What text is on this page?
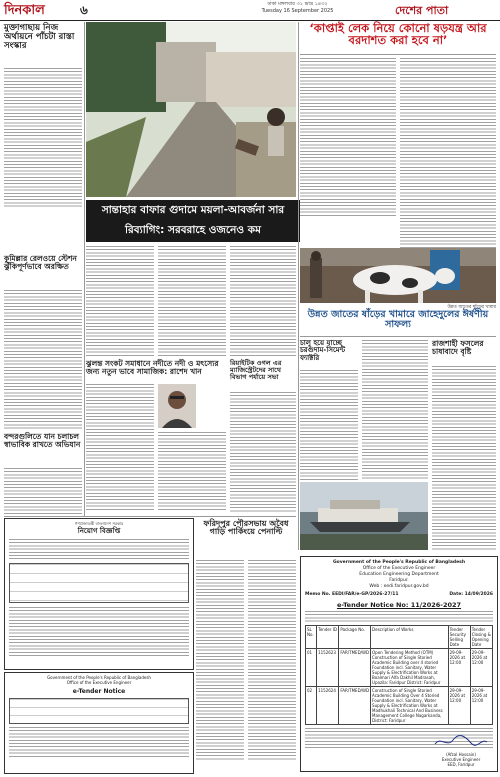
দিনকাল	৬	ঢাকা মঙ্গলবার ৩১ ভাদ্র ১৪৩২
Tuesday 16 September 2025	দেশের পাতা
মুক্তাগাছায় নিজ অর্থায়নে পাঁচটা রাস্তা সংস্কার
‘কাপ্তাই লেক নিয়ে কোনো ষড়যন্ত্র আর বরদাশত করা হবে না’
সান্তাহার বাফার গুদামে ময়লা-আবর্জনা সার রিব্যাগিং: সরবরাহে ওজনেও কম
কুমিল্লার রেলওয়ে স্টেশন ঝুঁকিপূর্ণভাবে অরক্ষিত
বন্দরগুলিতে যান চলাচল স্বাভাবিক রাখতে অভিযান
উন্নত জাতের ষাঁড়ের খামার
উন্নত জাতের ষাঁড়ের খামারে জাহেদুলের ঈর্ষণীয় সাফল্য
ঝুলন্ত সংকট সমাধানে নদীতে নদী ও মৎস্যের জন্য নতুন ভাবে সামাজিক: রাশেদ খান
রিয়াইটিক ওগল এর ম্যাজিস্ট্রেটদের সাথে বিভাগ পর্যায়ে সভা
চালু হয়ে যাচ্ছে চরগুদাম-সিমেন্ট ফ্যাক্টরি
রাজশাহী ফসলের চাষাবাদে বৃষ্টি
ফরিদপুর পৌরসভায় অবৈধ গাড়ি পার্কিংয়ে পেনাল্টি
গণপ্রজাতন্ত্রী বাংলাদেশ সরকার
নিয়োগ বিজ্ঞপ্তি
Government of the People's Republic of Bangladesh
Office of the Executive Engineer
e-Tender Notice
Government of the People's Republic of Bangladesh
Office of the Executive Engineer
Education Engineering Department
Faridpur.
Web : eedi.faridpur.gov.bd
Memo No. EEDI/FAR/e-GP/2026-27/11	Date: 14/09/2026
e-Tender Notice No: 11/2026-2027
SL No.	Tender ID	Package No.	Description of Works	Tender Security Selling Date	Tender Closing & Opening Date
01	1152623	FAR/TMED/WD	Open Tendering Method (OTM) Construction of Single Storied Academic Building over 4 storied Foundation incl. Sanitary, Water Supply & Electrification Works at Boalmari Alfa Dakhil Madrasah, Upazila: Faridpur District: Faridpur	29-09-2026 at 12:00	29-09-2026 at 12:00
02	1152624	FAR/TMED/WD	Construction of Single Storied Academic Building Over 4 Storied Foundation incl. Sanitary, Water Supply & Electrification Works at Madhukhali Technical And Business Management College Nagarkanda, District: Faridpur	29-09-2026 at 12:00	29-09-2026 at 12:00
(Afzal Hossain)
Executive Engineer
EED, Faridpur
